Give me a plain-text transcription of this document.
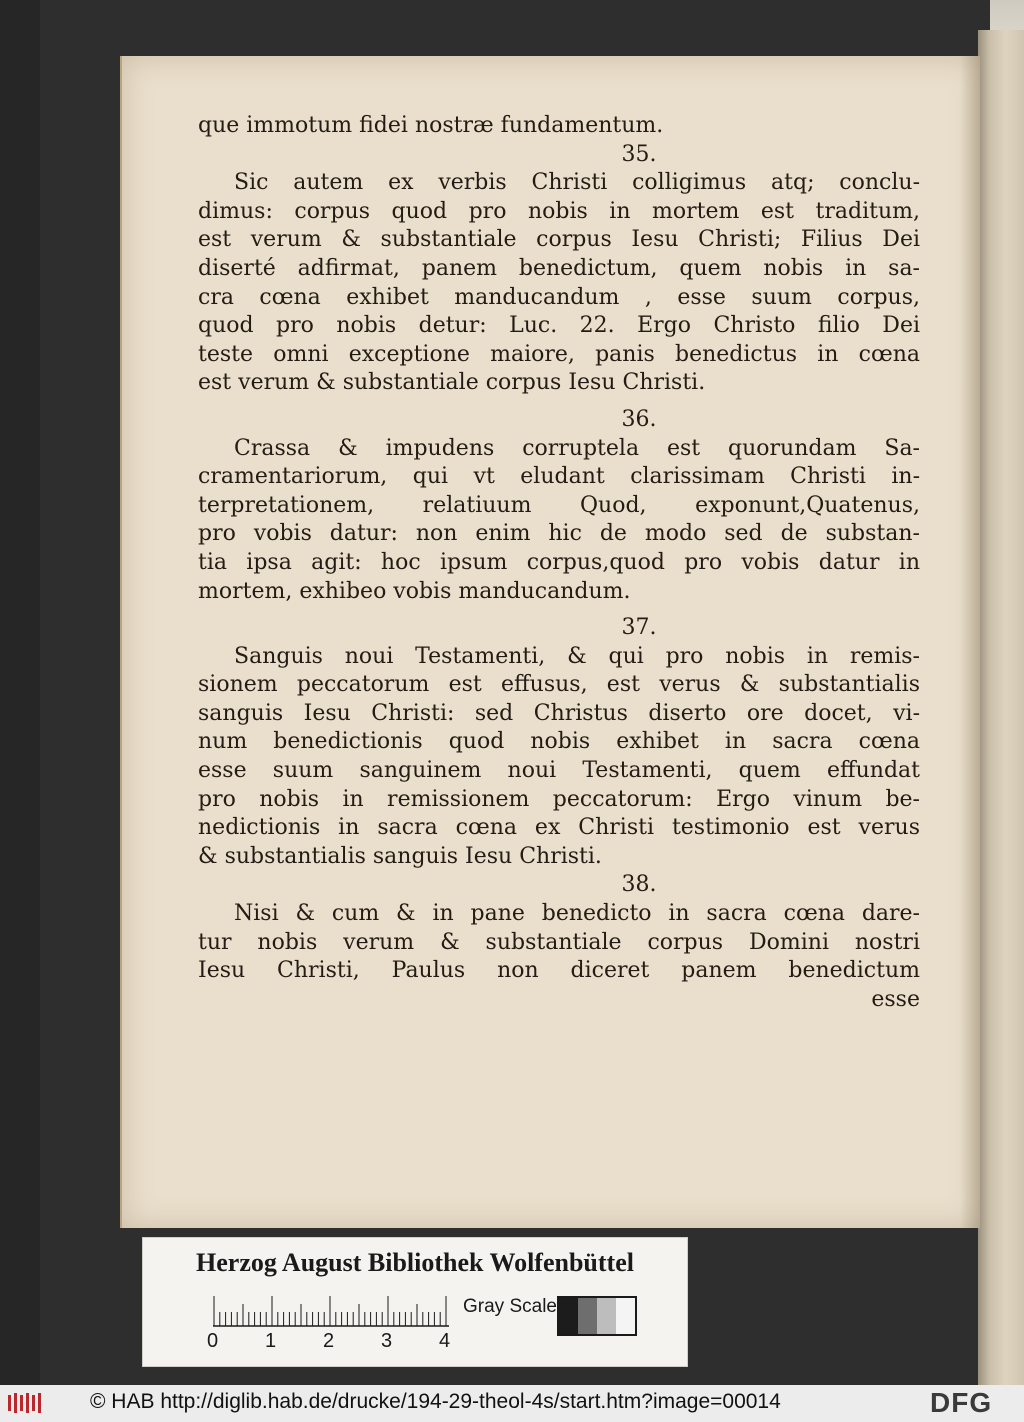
que immotum fidei nostræ fundamentum.
35.
Sic autem ex verbis Christi colligimus atq; conclu-
dimus: corpus quod pro nobis in mortem est traditum,
est verum & substantiale corpus Iesu Christi; Filius Dei
diserté adfirmat, panem benedictum, quem nobis in sa-
cra cœna exhibet manducandum , esse suum corpus,
quod pro nobis detur: Luc. 22. Ergo Christo filio Dei
teste omni exceptione maiore, panis benedictus in cœna
est verum & substantiale corpus Iesu Christi.
36.
Crassa & impudens corruptela est quorundam Sa-
cramentariorum, qui vt eludant clarissimam Christi in-
terpretationem, relatiuum Quod, exponunt,Quatenus,
pro vobis datur: non enim hic de modo sed de substan-
tia ipsa agit: hoc ipsum corpus,quod pro vobis datur in
mortem, exhibeo vobis manducandum.
37.
Sanguis noui Testamenti, & qui pro nobis in remis-
sionem peccatorum est effusus, est verus & substantialis
sanguis Iesu Christi: sed Christus diserto ore docet, vi-
num benedictionis quod nobis exhibet in sacra cœna
esse suum sanguinem noui Testamenti, quem effundat
pro nobis in remissionem peccatorum: Ergo vinum be-
nedictionis in sacra cœna ex Christi testimonio est verus
& substantialis sanguis Iesu Christi.
38.
Nisi & cum & in pane benedicto in sacra cœna dare-
tur nobis verum & substantiale corpus Domini nostri
Iesu Christi, Paulus non diceret panem benedictum
esse
Herzog August Bibliothek Wolfenbüttel
0 1 2 3 4
Gray Scale
© HAB http://diglib.hab.de/drucke/194-29-theol-4s/start.htm?image=00014	DFG
